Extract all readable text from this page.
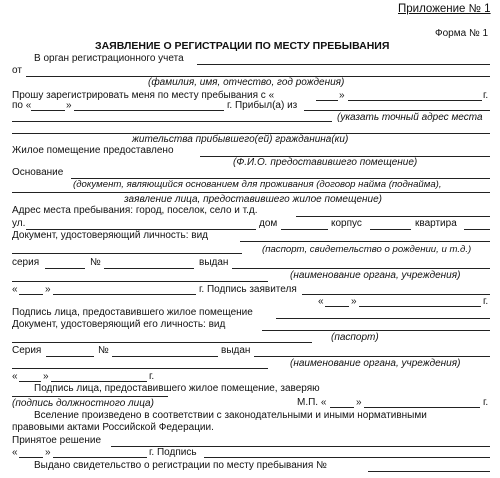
Приложение № 1
Форма № 1
ЗАЯВЛЕНИЕ О РЕГИСТРАЦИИ ПО МЕСТУ ПРЕБЫВАНИЯ
В орган регистрационного учета
от
(фамилия, имя, отчество, год рождения)
Прошу зарегистрировать меня по месту пребывания с «	»	г.
по «	»	г. Прибыл(а) из
(указать точный адрес места
жительства прибывшего(ей) гражданина(ки)
Жилое помещение предоставлено
(Ф.И.О. предоставившего помещение)
Основание
(документ, являющийся основанием для проживания (договор найма (поднайма),
заявление лица, предоставившего жилое помещение)
Адрес места пребывания: город, поселок, село и т.д.
ул.	дом	корпус	квартира
Документ, удостоверяющий личность: вид
(паспорт, свидетельство о рождении, и т.д.)
серия	№	выдан
(наименование органа, учреждения)
«	»	г. Подпись заявителя
«	»	г.
Подпись лица, предоставившего жилое помещение
Документ, удостоверяющий его личность: вид
(паспорт)
Серия	№	выдан
(наименование органа, учреждения)
«	»	г.
Подпись лица, предоставившего жилое помещение, заверяю
(подпись должностного лица)	М.П. «	»	г.
Вселение произведено в соответствии с законодательными и иными нормативными
правовыми актами Российской Федерации.
Принятое решение
«	»	г. Подпись
Выдано свидетельство о регистрации по месту пребывания №
